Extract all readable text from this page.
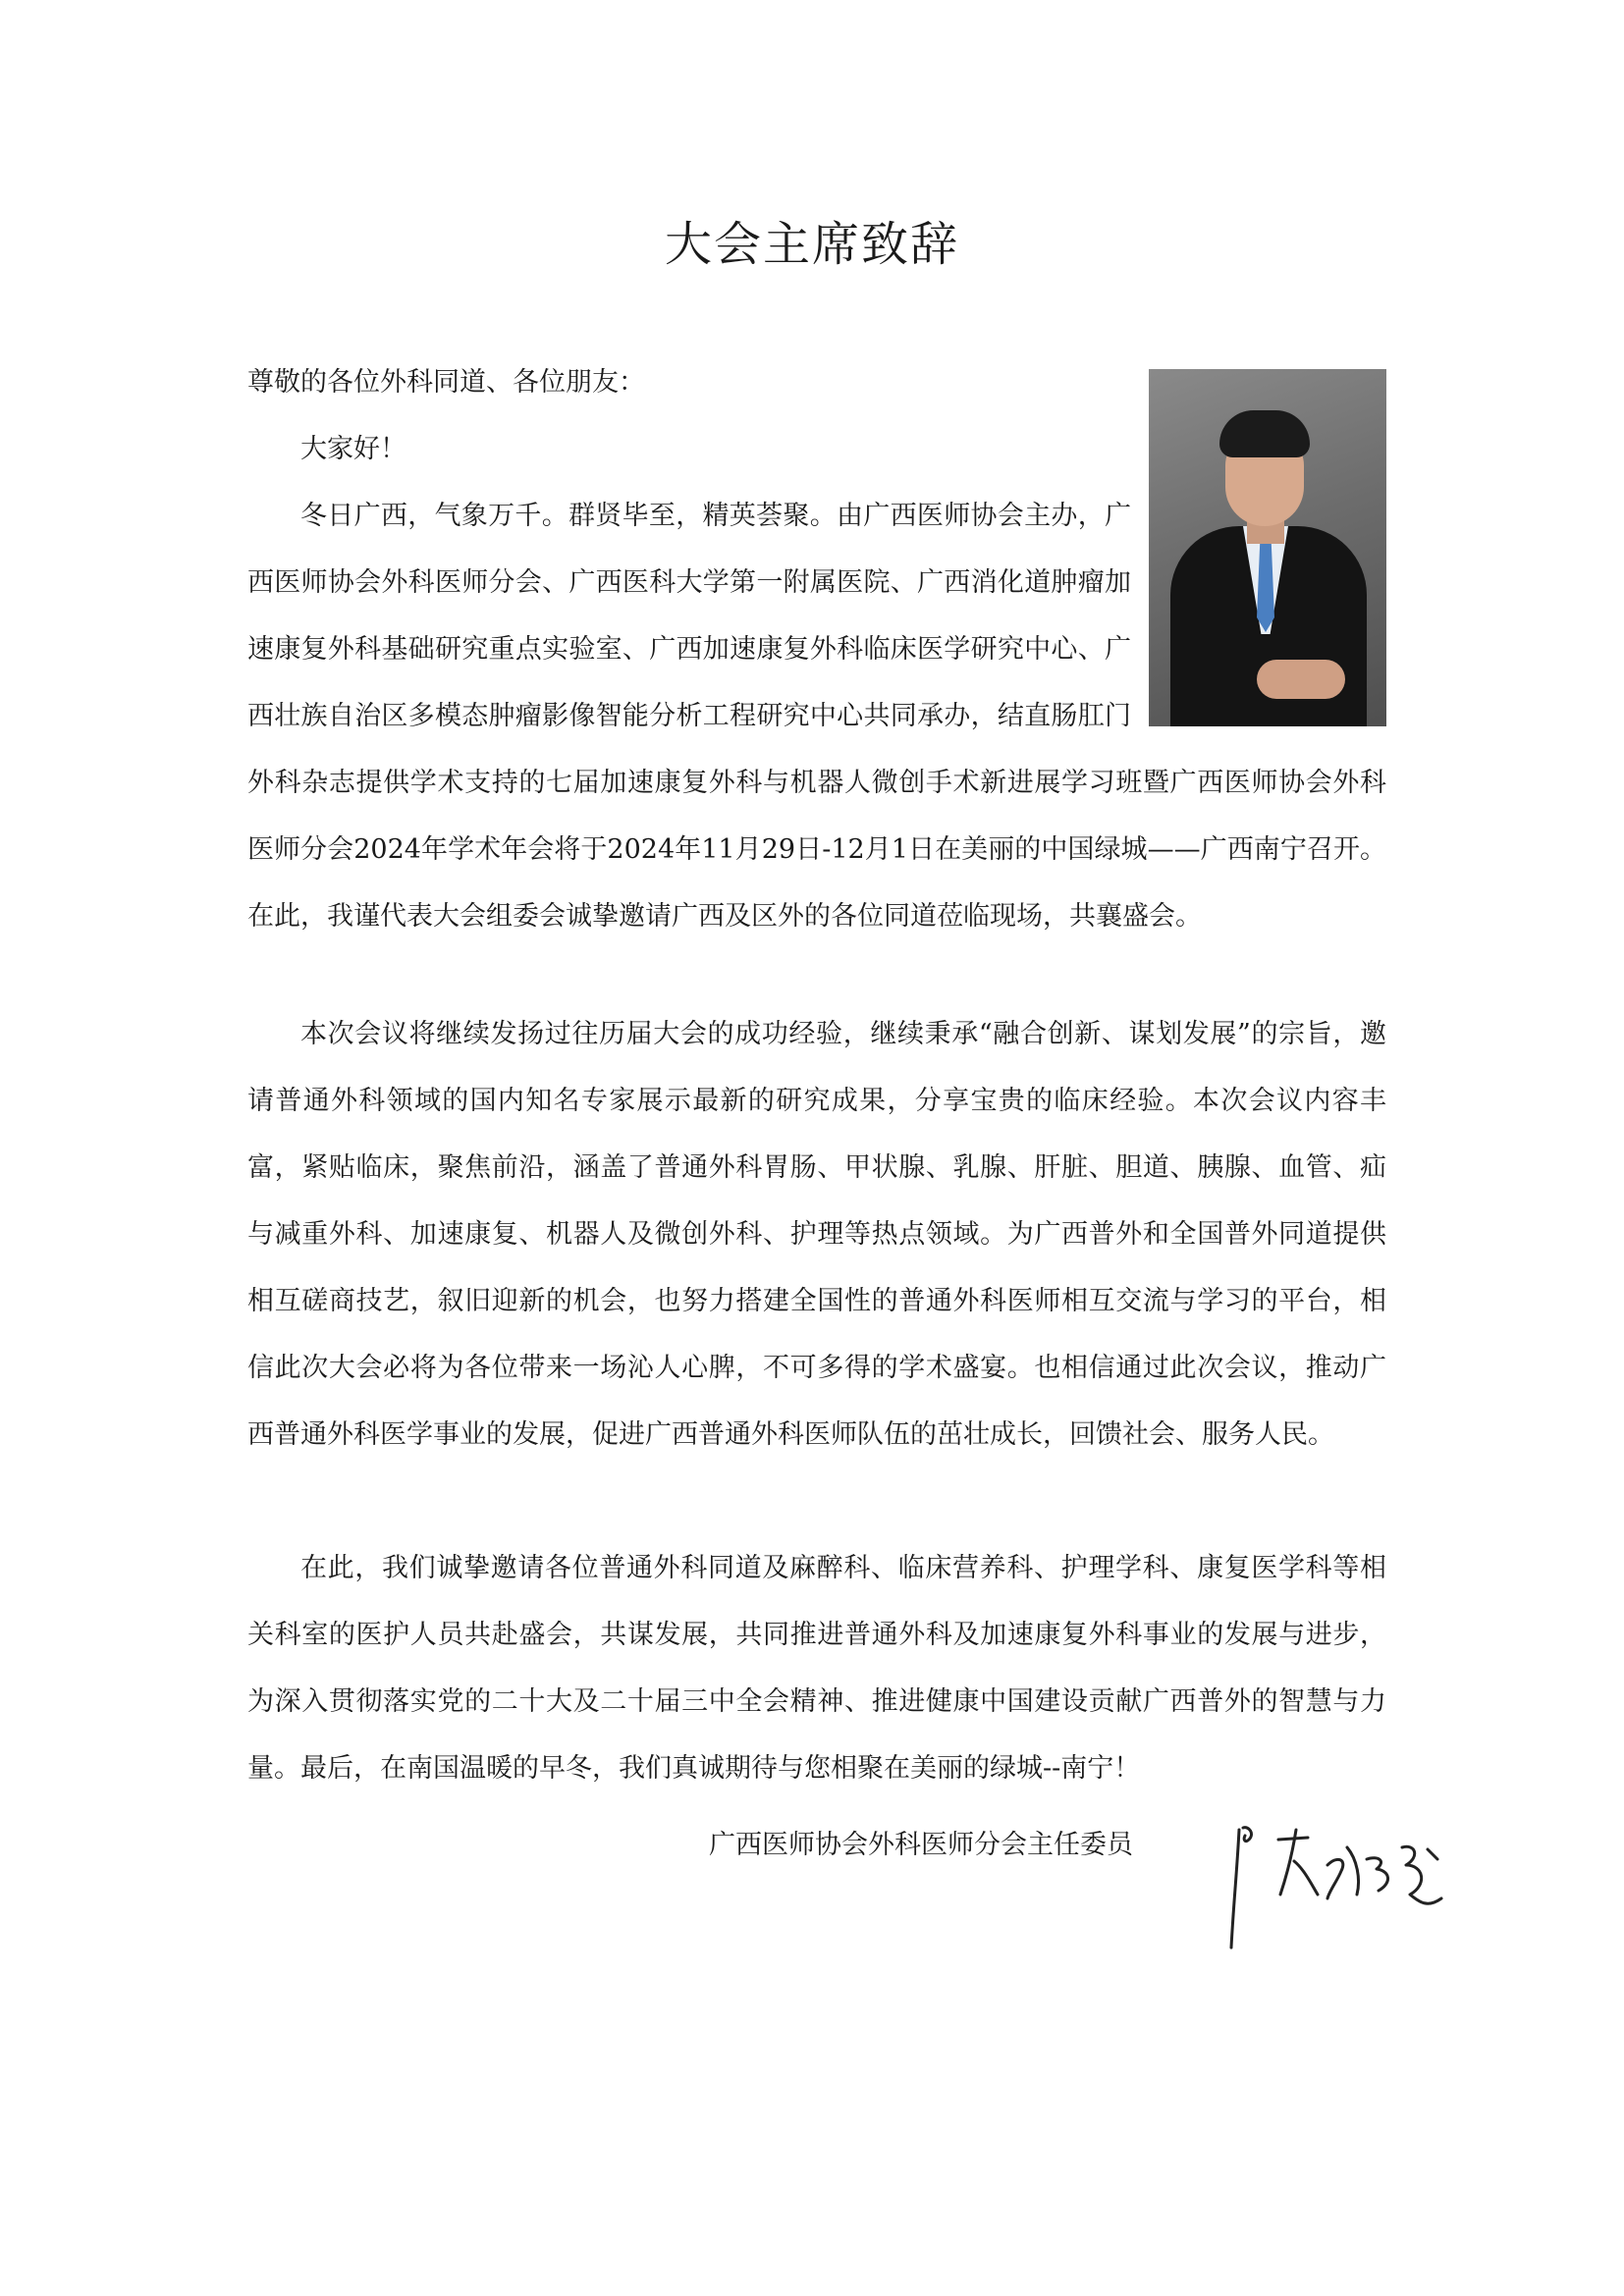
大会主席致辞

尊敬的各位外科同道、各位朋友：

大家好！

冬日广西，气象万千。群贤毕至，精英荟聚。由广西医师协会主办，广西医师协会外科医师分会、广西医科大学第一附属医院、广西消化道肿瘤加速康复外科基础研究重点实验室、广西加速康复外科临床医学研究中心、广西壮族自治区多模态肿瘤影像智能分析工程研究中心共同承办，结直肠肛门外科杂志提供学术支持的七届加速康复外科与机器人微创手术新进展学习班暨广西医师协会外科医师分会2024年学术年会将于2024年11月29日-12月1日在美丽的中国绿城——广西南宁召开。在此，我谨代表大会组委会诚挚邀请广西及区外的各位同道莅临现场，共襄盛会。

本次会议将继续发扬过往历届大会的成功经验，继续秉承“融合创新、谋划发展”的宗旨，邀请普通外科领域的国内知名专家展示最新的研究成果，分享宝贵的临床经验。本次会议内容丰富，紧贴临床，聚焦前沿，涵盖了普通外科胃肠、甲状腺、乳腺、肝脏、胆道、胰腺、血管、疝与减重外科、加速康复、机器人及微创外科、护理等热点领域。为广西普外和全国普外同道提供相互磋商技艺，叙旧迎新的机会，也努力搭建全国性的普通外科医师相互交流与学习的平台，相信此次大会必将为各位带来一场沁人心脾，不可多得的学术盛宴。也相信通过此次会议，推动广西普通外科医学事业的发展，促进广西普通外科医师队伍的茁壮成长，回馈社会、服务人民。

在此，我们诚挚邀请各位普通外科同道及麻醉科、临床营养科、护理学科、康复医学科等相关科室的医护人员共赴盛会，共谋发展，共同推进普通外科及加速康复外科事业的发展与进步，为深入贯彻落实党的二十大及二十届三中全会精神、推进健康中国建设贡献广西普外的智慧与力量。最后，在南国温暖的早冬，我们真诚期待与您相聚在美丽的绿城--南宁！

广西医师协会外科医师分会主任委员
